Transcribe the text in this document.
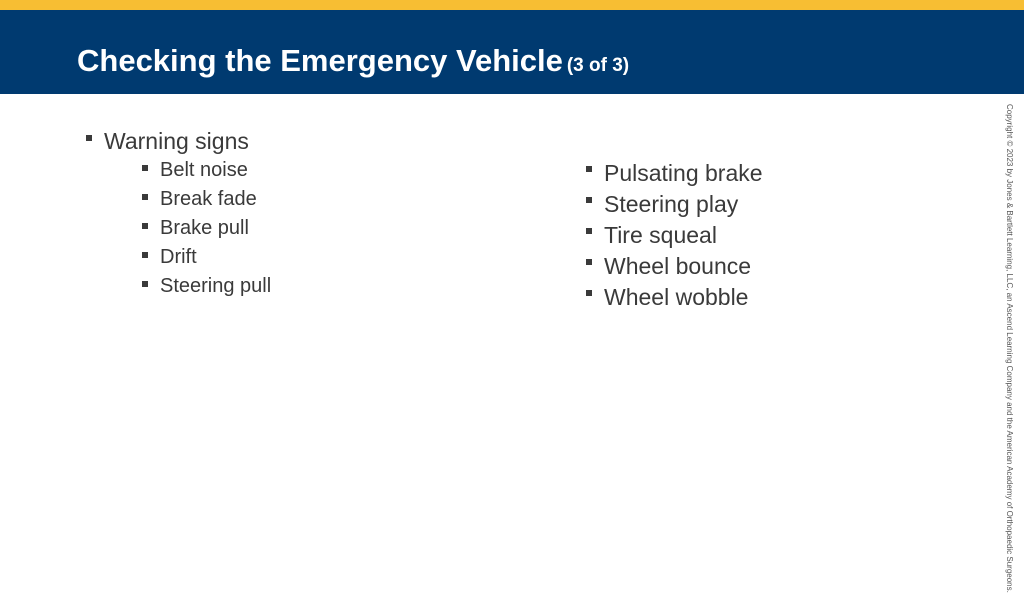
Checking the Emergency Vehicle (3 of 3)
Warning signs
Belt noise
Break fade
Brake pull
Drift
Steering pull
Pulsating brake
Steering play
Tire squeal
Wheel bounce
Wheel wobble	Copyright © 2023 by Jones & Bartlett Learning, LLC, an Ascend Learning Company and the American Academy of Orthopaedic Surgeons.
